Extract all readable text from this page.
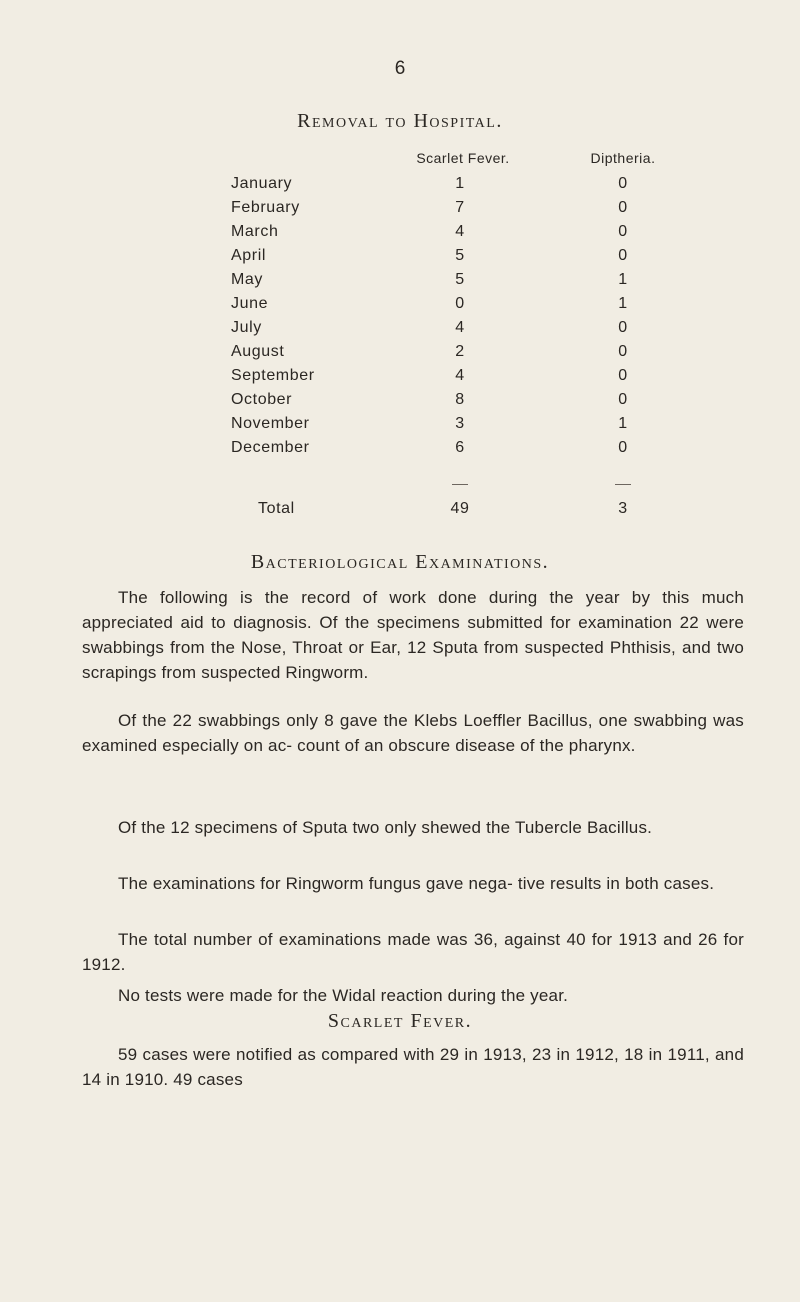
6
Removal to Hospital.
Scarlet Fever.	Diptheria.
January	1	0
February	7	0
March	4	0
April	5	0
May	5	1
June	0	1
July	4	0
August	2	0
September	4	0
October	8	0
November	3	1
December	6	0
Total	49	3
Bacteriological Examinations.

The following is the record of work done during the year by this much appreciated aid to diagnosis. Of the specimens submitted for examination 22 were swabbings from the Nose, Throat or Ear, 12 Sputa from suspected Phthisis, and two scrapings from suspected Ringworm.

Of the 22 swabbings only 8 gave the Klebs Loeffler Bacillus, one swabbing was examined especially on ac- count of an obscure disease of the pharynx.

Of the 12 specimens of Sputa two only shewed the Tubercle Bacillus.

The examinations for Ringworm fungus gave nega- tive results in both cases.

The total number of examinations made was 36, against 40 for 1913 and 26 for 1912.

No tests were made for the Widal reaction during the year.

Scarlet Fever.

59 cases were notified as compared with 29 in 1913, 23 in 1912, 18 in 1911, and 14 in 1910. 49 cases
